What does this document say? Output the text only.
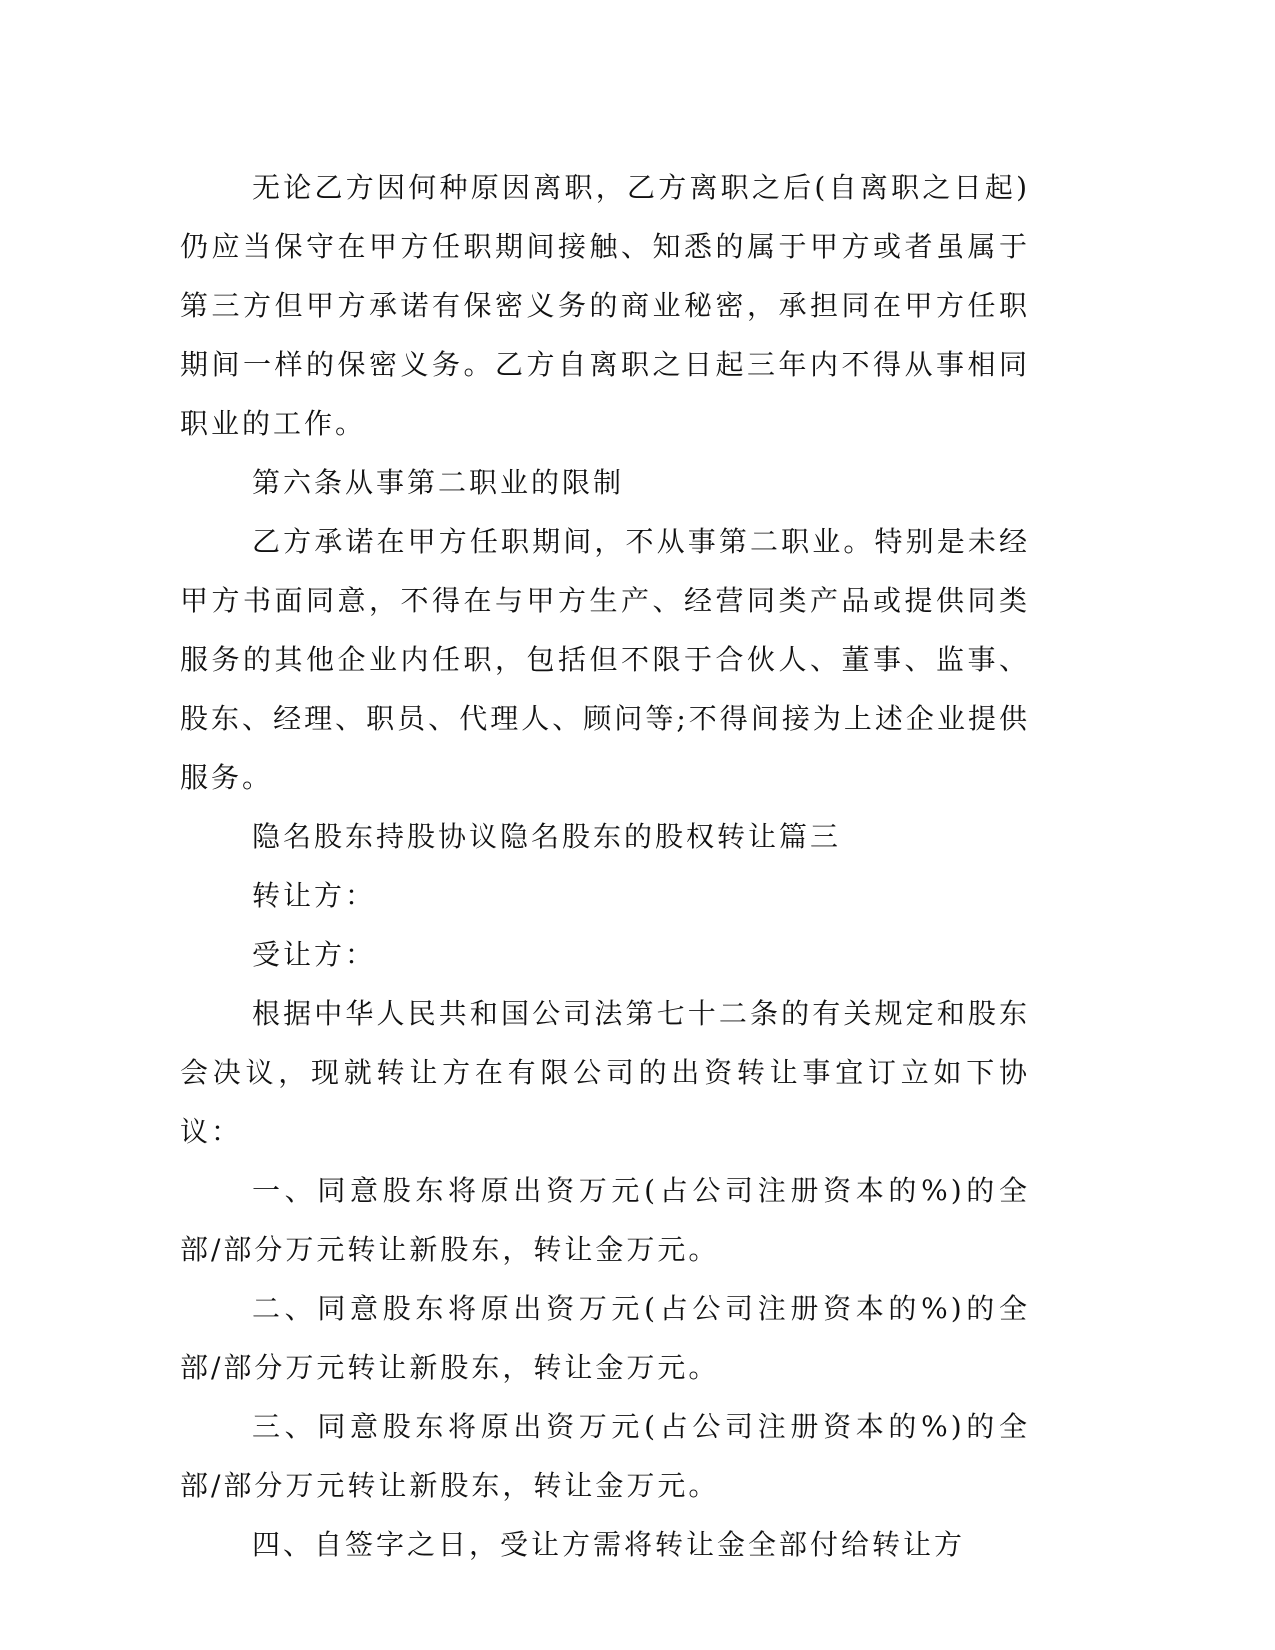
无论乙方因何种原因离职，乙方离职之后(自离职之日起)仍应当保守在甲方任职期间接触、知悉的属于甲方或者虽属于第三方但甲方承诺有保密义务的商业秘密，承担同在甲方任职期间一样的保密义务。乙方自离职之日起三年内不得从事相同职业的工作。

第六条从事第二职业的限制

乙方承诺在甲方任职期间，不从事第二职业。特别是未经甲方书面同意，不得在与甲方生产、经营同类产品或提供同类服务的其他企业内任职，包括但不限于合伙人、董事、监事、股东、经理、职员、代理人、顾问等;不得间接为上述企业提供服务。

隐名股东持股协议隐名股东的股权转让篇三

转让方：

受让方：

根据中华人民共和国公司法第七十二条的有关规定和股东会决议，现就转让方在有限公司的出资转让事宜订立如下协议：

一、同意股东将原出资万元(占公司注册资本的%)的全部/部分万元转让新股东，转让金万元。

二、同意股东将原出资万元(占公司注册资本的%)的全部/部分万元转让新股东，转让金万元。

三、同意股东将原出资万元(占公司注册资本的%)的全部/部分万元转让新股东，转让金万元。

四、自签字之日，受让方需将转让金全部付给转让方
